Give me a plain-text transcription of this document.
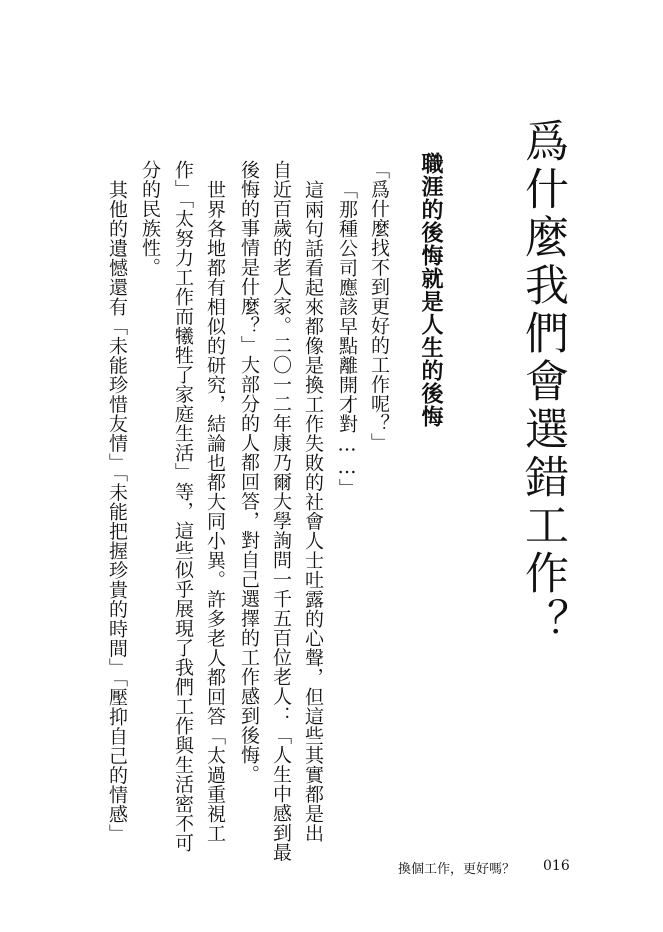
爲什麼我們會選錯工作？
職涯的後悔就是人生的後悔
「爲什麼找不到更好的工作呢？」
「那種公司應該早點離開才對……」
這兩句話看起來都像是換工作失敗的社會人士吐露的心聲，但這些其實都是出
自近百歲的老人家。二〇一二年康乃爾大學詢問一千五百位老人：「人生中感到最
後悔的事情是什麼？」大部分的人都回答，對自己選擇的工作感到後悔。
世界各地都有相似的研究，結論也都大同小異。許多老人都回答「太過重視工
作」「太努力工作而犧牲了家庭生活」等，這些似乎展現了我們工作與生活密不可
分的民族性。
其他的遺憾還有「未能珍惜友情」「未能把握珍貴的時間」「壓抑自己的情感」
換個工作，更好嗎？ 016
